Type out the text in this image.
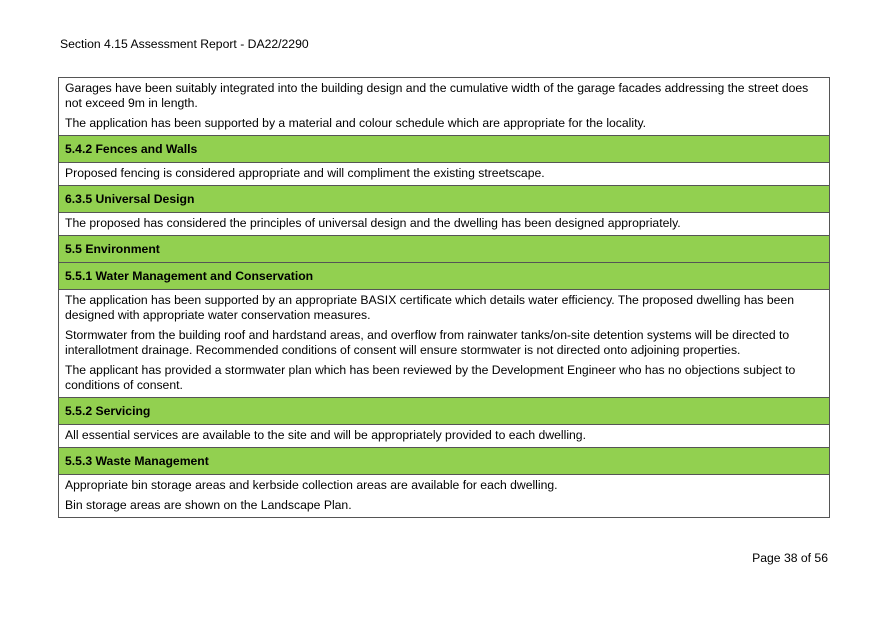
Section 4.15 Assessment Report - DA22/2290

Garages have been suitably integrated into the building design and the cumulative width of the garage facades addressing the street does not exceed 9m in length.

The application has been supported by a material and colour schedule which are appropriate for the locality.

5.4.2 Fences and Walls

Proposed fencing is considered appropriate and will compliment the existing streetscape.

6.3.5 Universal Design

The proposed has considered the principles of universal design and the dwelling has been designed appropriately.

5.5 Environment
5.5.1 Water Management and Conservation

The application has been supported by an appropriate BASIX certificate which details water efficiency. The proposed dwelling has been designed with appropriate water conservation measures.

Stormwater from the building roof and hardstand areas, and overflow from rainwater tanks/on-site detention systems will be directed to interallotment drainage. Recommended conditions of consent will ensure stormwater is not directed onto adjoining properties.

The applicant has provided a stormwater plan which has been reviewed by the Development Engineer who has no objections subject to conditions of consent.

5.5.2 Servicing

All essential services are available to the site and will be appropriately provided to each dwelling.

5.5.3 Waste Management

Appropriate bin storage areas and kerbside collection areas are available for each dwelling.

Bin storage areas are shown on the Landscape Plan.

Page 38 of 56
